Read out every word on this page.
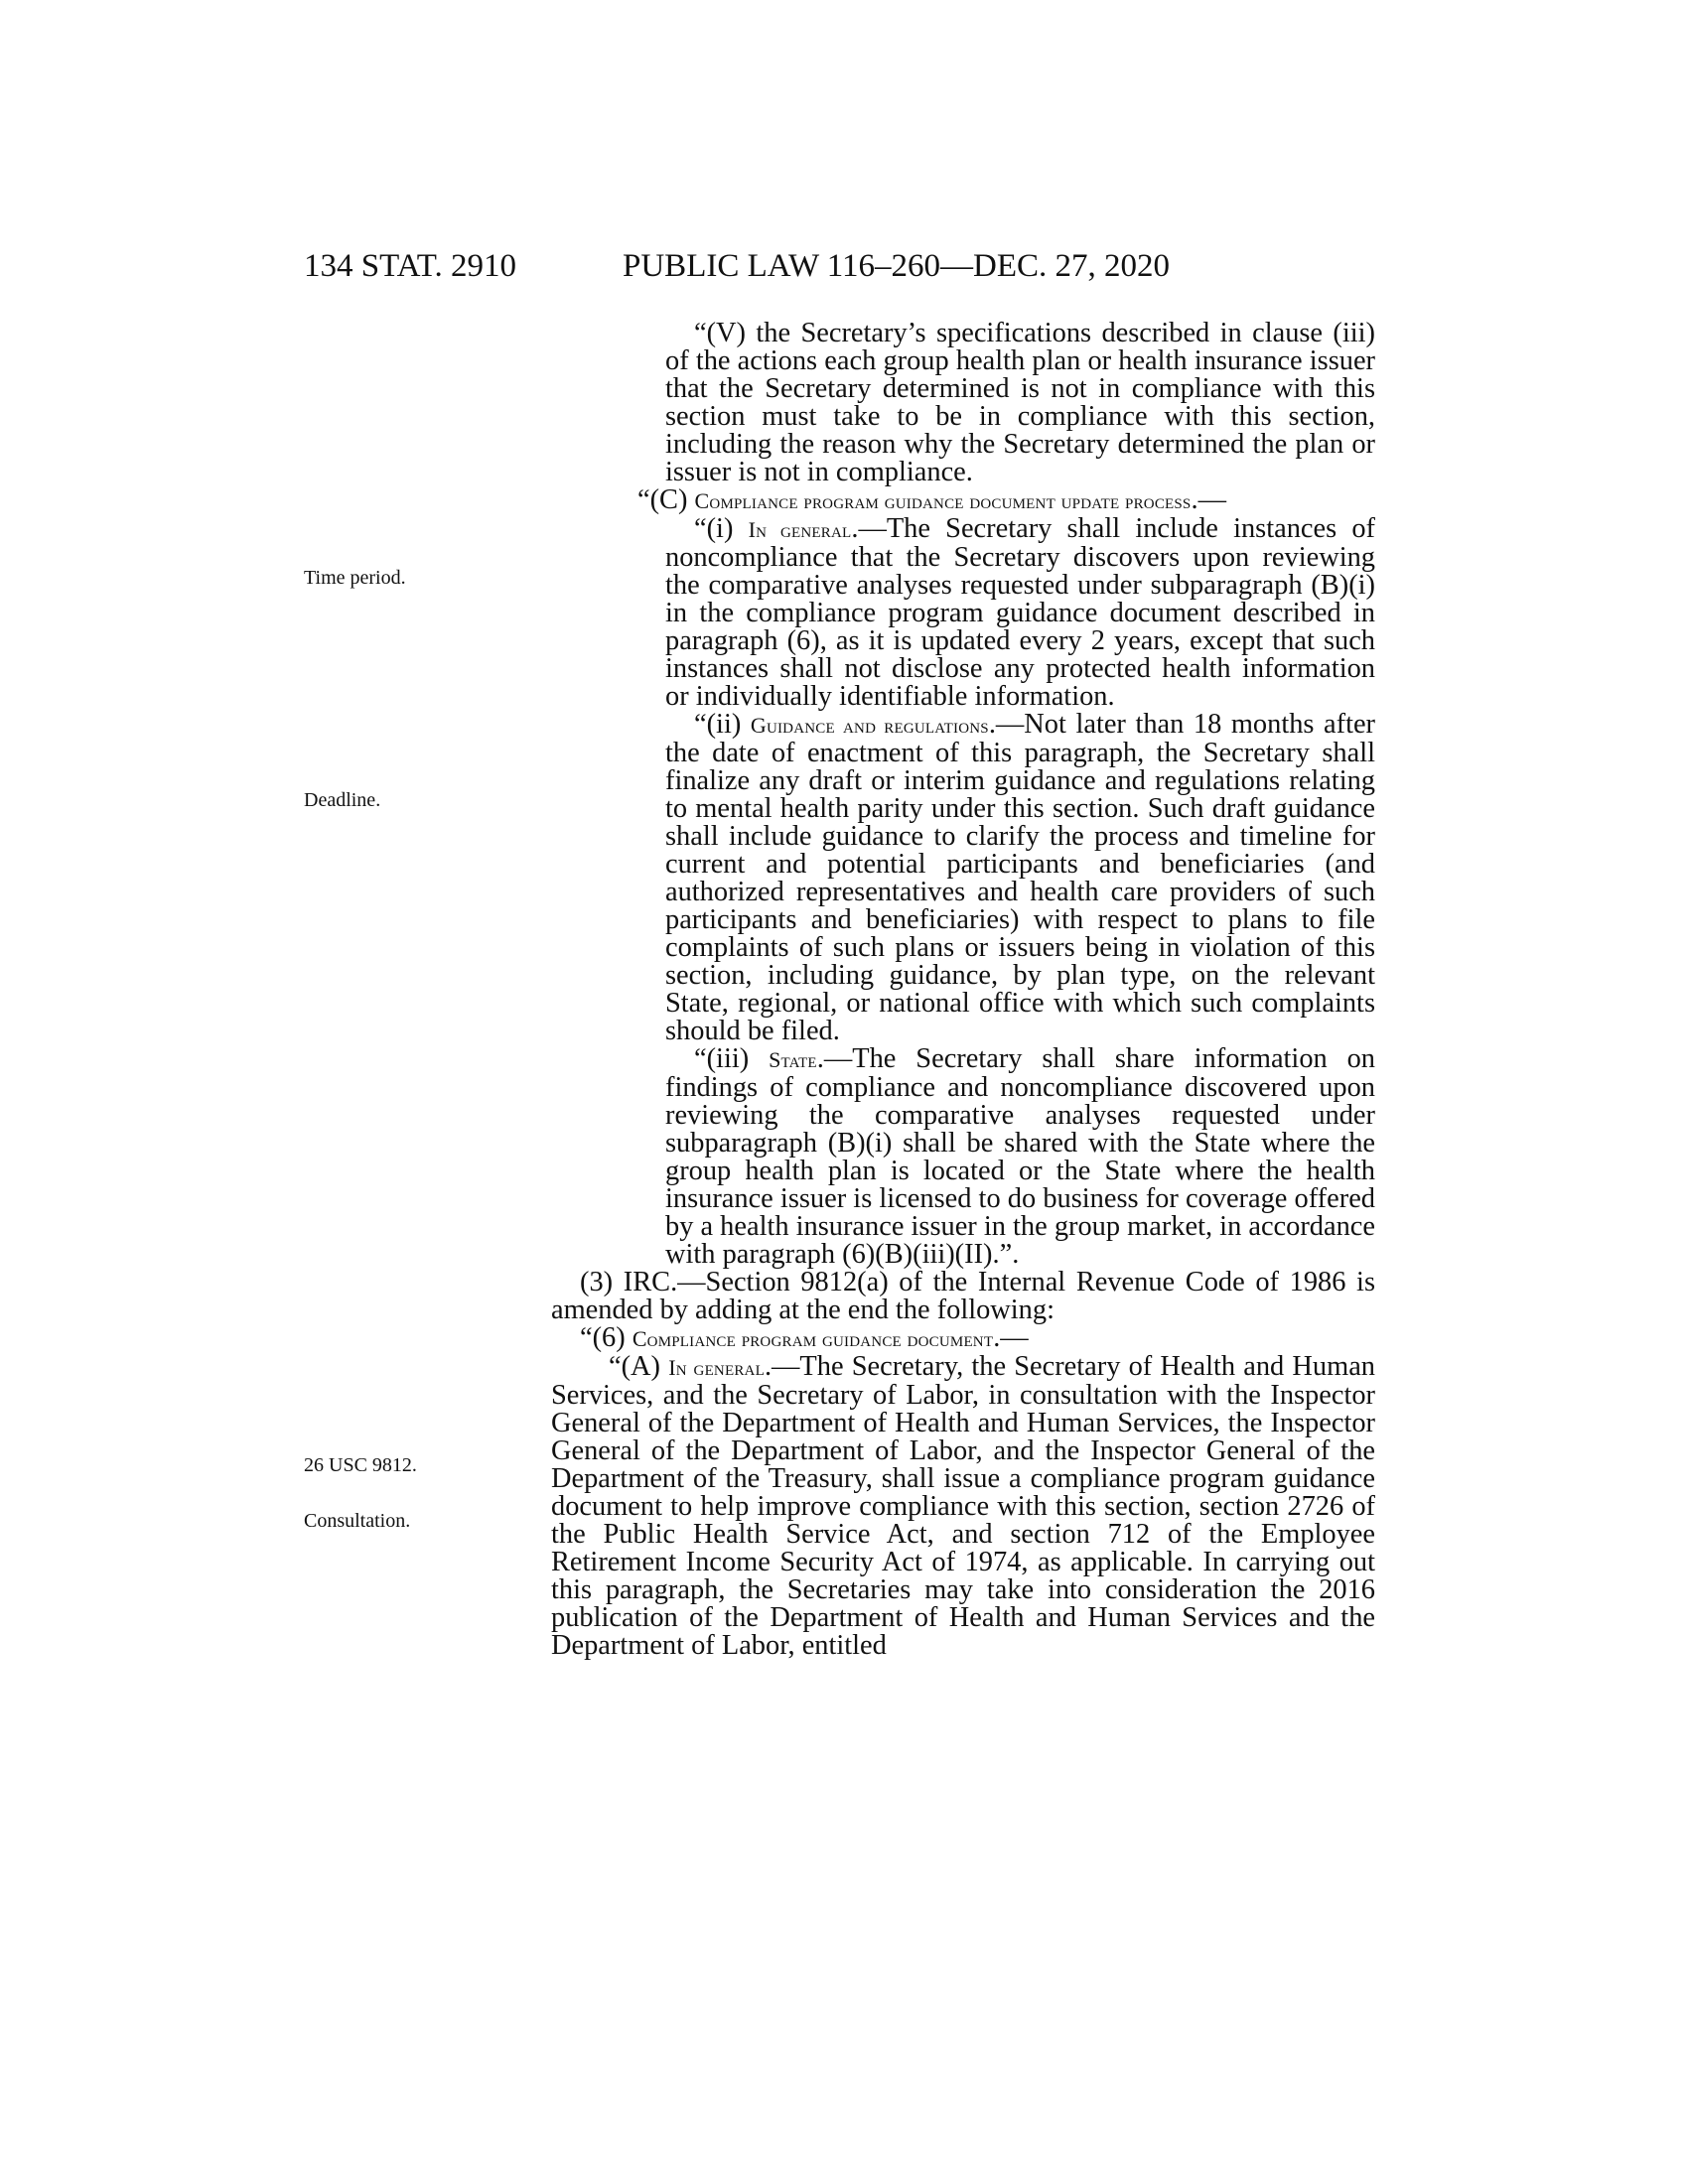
134 STAT. 2910	PUBLIC LAW 116–260—DEC. 27, 2020
Time period.
Deadline.
26 USC 9812.
Consultation.

“(V) the Secretary’s specifications described in clause (iii) of the actions each group health plan or health insurance issuer that the Secretary determined is not in compliance with this section must take to be in compliance with this section, including the reason why the Secretary determined the plan or issuer is not in compliance.

“(C) Compliance program guidance document update process.—

“(i) In general.—The Secretary shall include instances of noncompliance that the Secretary discovers upon reviewing the comparative analyses requested under subparagraph (B)(i) in the compliance program guidance document described in paragraph (6), as it is updated every 2 years, except that such instances shall not disclose any protected health information or individually identifiable information.

“(ii) Guidance and regulations.—Not later than 18 months after the date of enactment of this paragraph, the Secretary shall finalize any draft or interim guidance and regulations relating to mental health parity under this section. Such draft guidance shall include guidance to clarify the process and timeline for current and potential participants and beneficiaries (and authorized representatives and health care providers of such participants and beneficiaries) with respect to plans to file complaints of such plans or issuers being in violation of this section, including guidance, by plan type, on the relevant State, regional, or national office with which such complaints should be filed.

“(iii) State.—The Secretary shall share information on findings of compliance and noncompliance discovered upon reviewing the comparative analyses requested under subparagraph (B)(i) shall be shared with the State where the group health plan is located or the State where the health insurance issuer is licensed to do business for coverage offered by a health insurance issuer in the group market, in accordance with paragraph (6)(B)(iii)(II).”.

(3) IRC.—Section 9812(a) of the Internal Revenue Code of 1986 is amended by adding at the end the following:

“(6) Compliance program guidance document.—

“(A) In general.—The Secretary, the Secretary of Health and Human Services, and the Secretary of Labor, in consultation with the Inspector General of the Department of Health and Human Services, the Inspector General of the Department of Labor, and the Inspector General of the Department of the Treasury, shall issue a compliance program guidance document to help improve compliance with this section, section 2726 of the Public Health Service Act, and section 712 of the Employee Retirement Income Security Act of 1974, as applicable. In carrying out this paragraph, the Secretaries may take into consideration the 2016 publication of the Department of Health and Human Services and the Department of Labor, entitled
